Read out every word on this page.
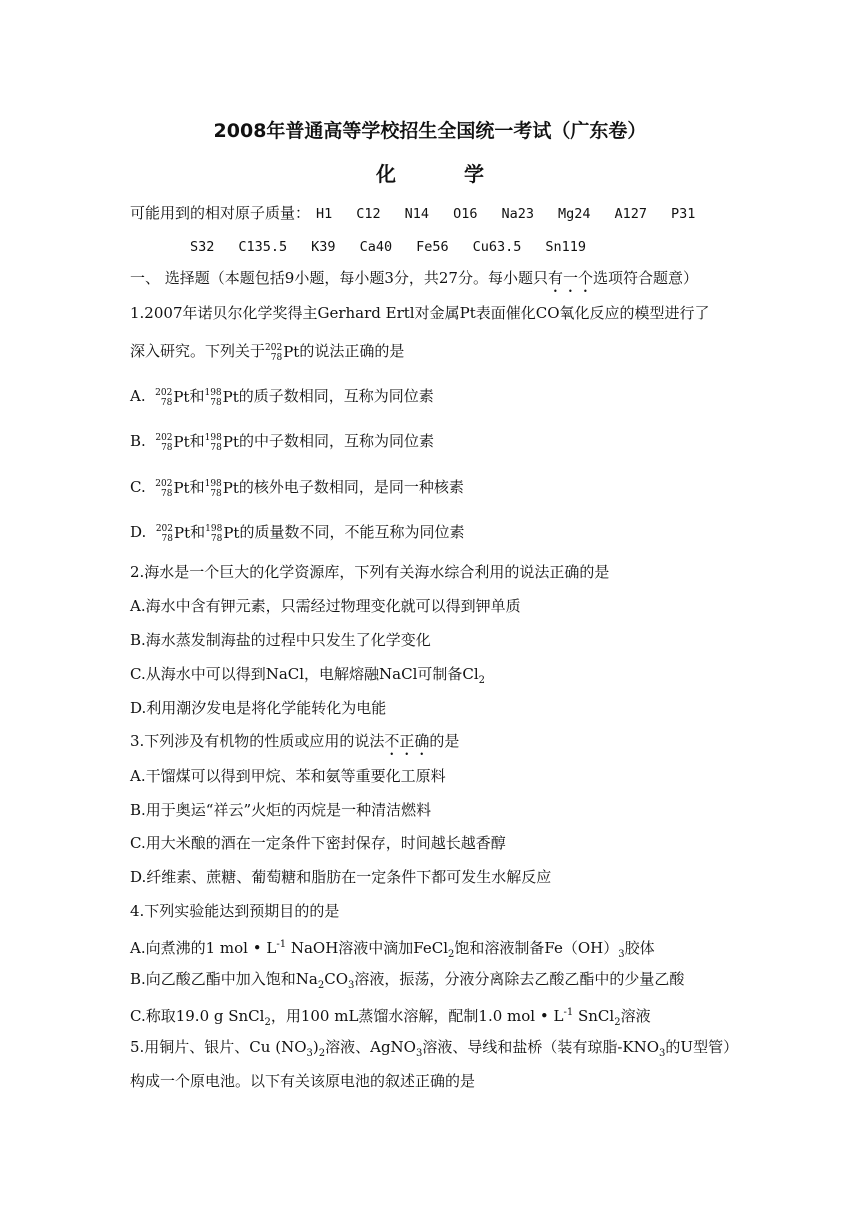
2008年普通高等学校招生全国统一考试（广东卷）
化	学
可能用到的相对原子质量： H1 C12 N14 O16 Na23 Mg24 A127 P31
S32 C135.5 K39 Ca40 Fe56 Cu63.5 Sn119
一、 选择题（本题包括9小题，每小题3分，共27分。每小题只有一个选项符合题意）
1.2007年诺贝尔化学奖得主Gerhard Ertl对金属Pt表面催化CO氧化反应的模型进行了
深入研究。下列关于 202
78 Pt的说法正确的是
A. 202
78 Pt和 198
78 Pt的质子数相同，互称为同位素
B. 202
78 Pt和 198
78 Pt的中子数相同，互称为同位素
C. 202
78 Pt和 198
78 Pt的核外电子数相同，是同一种核素
D. 202
78 Pt和 198
78 Pt的质量数不同，不能互称为同位素
2.海水是一个巨大的化学资源库，下列有关海水综合利用的说法正确的是
A.海水中含有钾元素，只需经过物理变化就可以得到钾单质
B.海水蒸发制海盐的过程中只发生了化学变化
C.从海水中可以得到NaCl，电解熔融NaCl可制备$Cl_2$
D.利用潮汐发电是将化学能转化为电能
3.下列涉及有机物的性质或应用的说法不正确的是
A.干馏煤可以得到甲烷、苯和氨等重要化工原料
B.用于奥运“祥云”火炬的丙烷是一种清洁燃料
C.用大米酿的酒在一定条件下密封保存，时间越长越香醇
D.纤维素、蔗糖、葡萄糖和脂肪在一定条件下都可发生水解反应
4.下列实验能达到预期目的的是
A.向煮沸的1 mol • $L^{-1}$ NaOH溶液中滴加FeCl$_2$饱和溶液制备$Fe(OH)_3$胶体
B.向乙酸乙酯中加入饱和$Na_2CO_3$溶液，振荡，分液分离除去乙酸乙酯中的少量乙酸
C.称取19.0 g SnCl$_2$，用100 mL蒸馏水溶解，配制1.0 mol • $L^{-1}$ SnCl$_2$溶液
5.用铜片、银片、Cu $(NO_3)_2$溶液、AgNO$_3$溶液、导线和盐桥（装有琼脂$-KNO_3$的U型管）
构成一个原电池。以下有关该原电池的叙述正确的是
